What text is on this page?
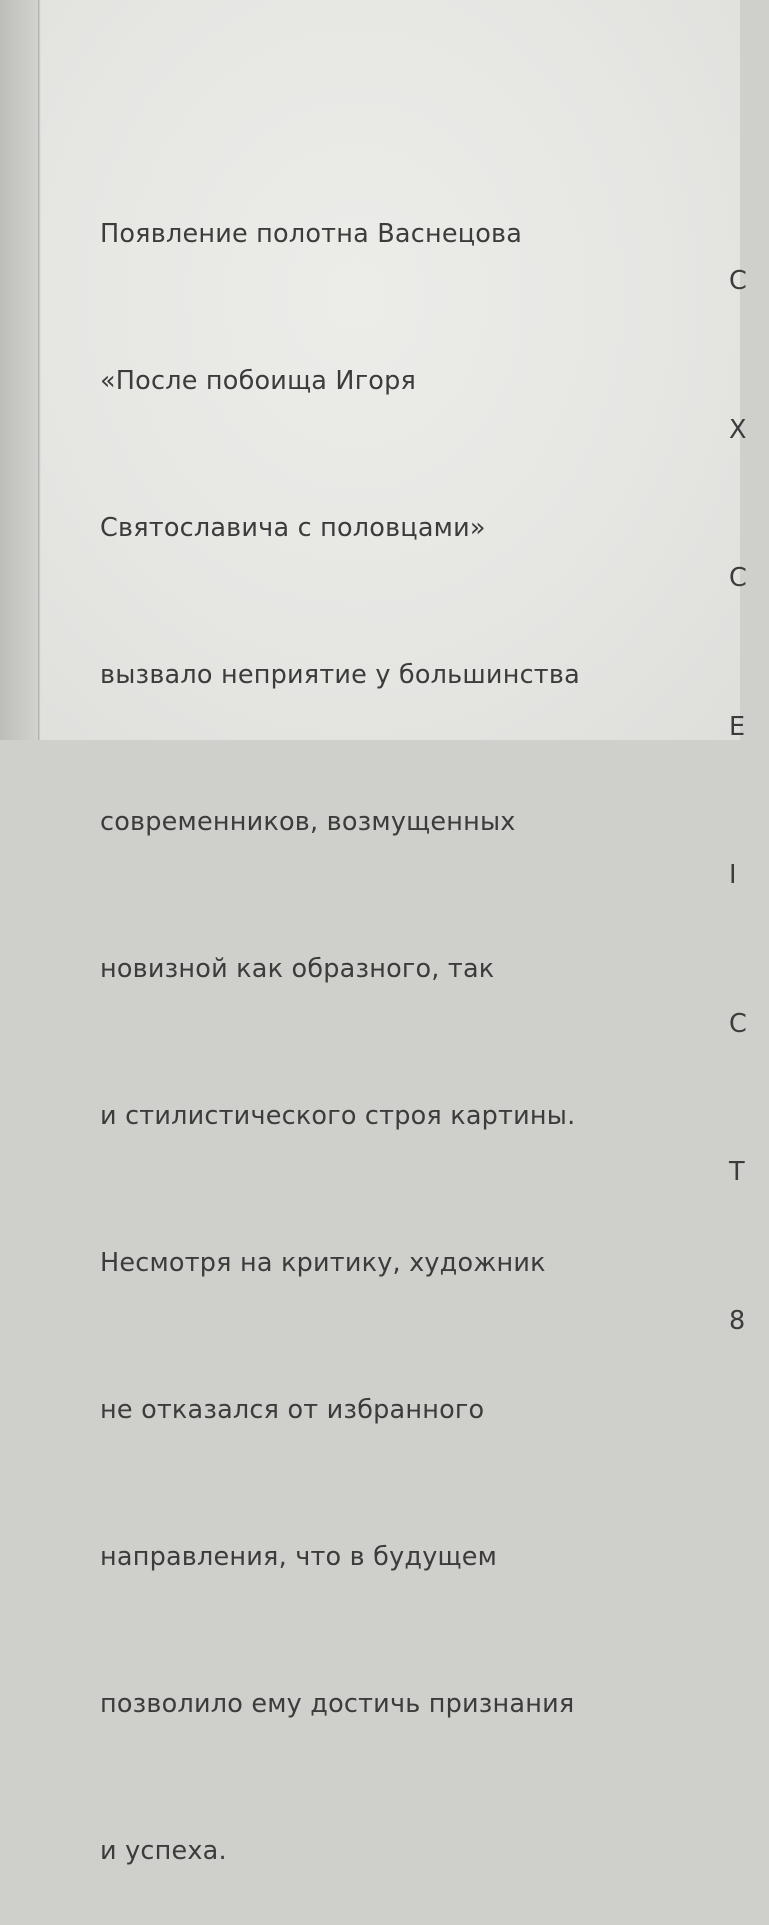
Появление полотна Васнецова

«После побоища Игоря

Святославича с половцами»

вызвало неприятие у большинства

современников, возмущенных

новизной как образного, так

и стилистического строя картины.

Несмотря на критику, художник

не отказался от избранного

направления, что в будущем

позволило ему достичь признания

и успеха.

С

Х

С

Е

І

С

Т

8
